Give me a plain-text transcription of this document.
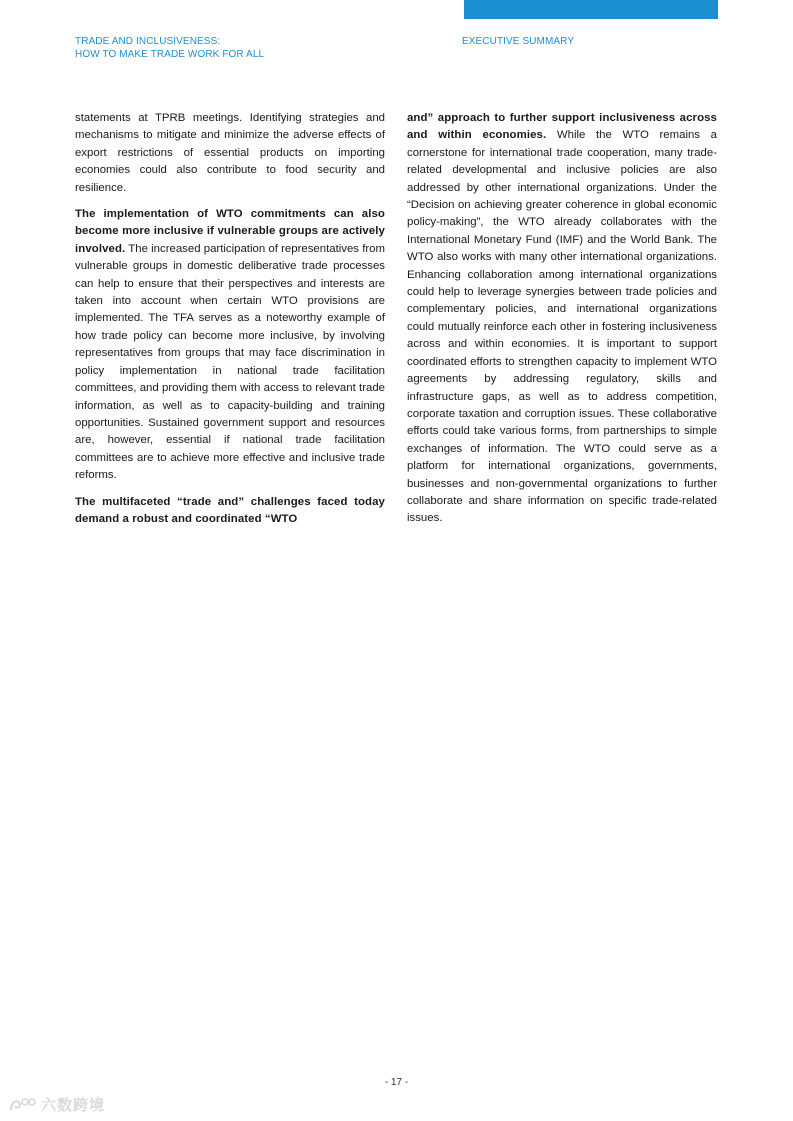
TRADE AND INCLUSIVENESS:
HOW TO MAKE TRADE WORK FOR ALL
EXECUTIVE SUMMARY

statements at TPRB meetings. Identifying strategies and mechanisms to mitigate and minimize the adverse effects of export restrictions of essential products on importing economies could also contribute to food security and resilience.

The implementation of WTO commitments can also become more inclusive if vulnerable groups are actively involved. The increased participation of representatives from vulnerable groups in domestic deliberative trade processes can help to ensure that their perspectives and interests are taken into account when certain WTO provisions are implemented. The TFA serves as a noteworthy example of how trade policy can become more inclusive, by involving representatives from groups that may face discrimination in policy implementation in national trade facilitation committees, and providing them with access to relevant trade information, as well as to capacity-building and training opportunities. Sustained government support and resources are, however, essential if national trade facilitation committees are to achieve more effective and inclusive trade reforms.

The multifaceted “trade and” challenges faced today demand a robust and coordinated “WTO

and” approach to further support inclusiveness across and within economies. While the WTO remains a cornerstone for international trade cooperation, many trade-related developmental and inclusive policies are also addressed by other international organizations. Under the “Decision on achieving greater coherence in global economic policy-making”, the WTO already collaborates with the International Monetary Fund (IMF) and the World Bank. The WTO also works with many other international organizations. Enhancing collaboration among international organizations could help to leverage synergies between trade policies and complementary policies, and international organizations could mutually reinforce each other in fostering inclusiveness across and within economies. It is important to support coordinated efforts to strengthen capacity to implement WTO agreements by addressing regulatory, skills and infrastructure gaps, as well as to address competition, corporate taxation and corruption issues. These collaborative efforts could take various forms, from partnerships to simple exchanges of information. The WTO could serve as a platform for international organizations, governments, businesses and non-governmental organizations to further collaborate and share information on specific trade-related issues.

- 17 -
六数跨境
